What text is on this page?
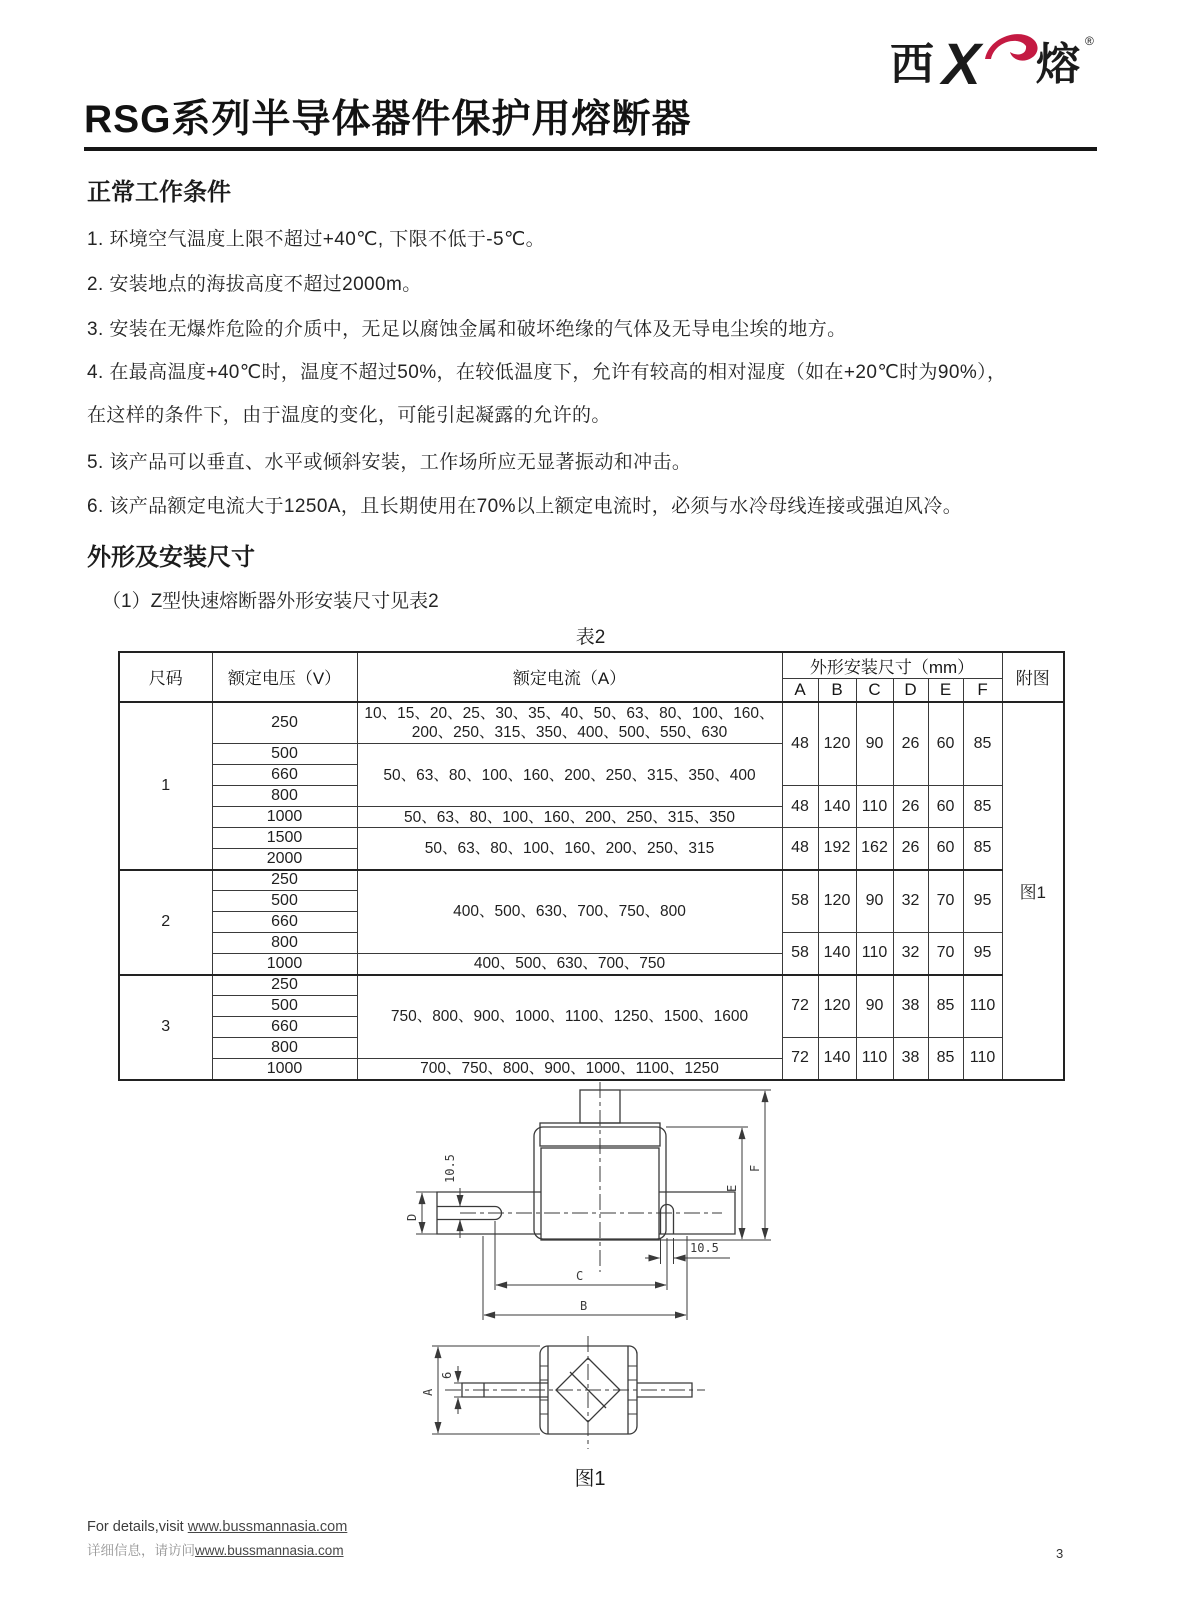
西 X 熔 ®
RSG系列半导体器件保护用熔断器
正常工作条件
1. 环境空气温度上限不超过+40℃, 下限不低于-5℃。
2. 安装地点的海拔高度不超过2000m。
3. 安装在无爆炸危险的介质中，无足以腐蚀金属和破坏绝缘的气体及无导电尘埃的地方。
4. 在最高温度+40℃时，温度不超过50%，在较低温度下，允许有较高的相对湿度（如在+20℃时为90%），
在这样的条件下，由于温度的变化，可能引起凝露的允许的。
5. 该产品可以垂直、水平或倾斜安装，工作场所应无显著振动和冲击。
6. 该产品额定电流大于1250A，且长期使用在70%以上额定电流时，必须与水冷母线连接或强迫风冷。
外形及安装尺寸
（1）Z型快速熔断器外形安装尺寸见表2
表2
尺码	额定电压（V）	额定电流（A）	外形安装尺寸（mm）						附图
			A	B	C	D	E	F	
1	250	10、15、20、25、30、35、40、50、63、80、100、160、200、250、315、350、400、500、550、630	48	120	90	26	60	85	图1
	500	50、63、80、100、160、200、250、315、350、400							
	660								
	800		48	140	110	26	60	85	
	1000	50、63、80、100、160、200、250、315、350							
	1500	50、63、80、100、160、200、250、315	48	192	162	26	60	85	
	2000								
2	250	400、500、630、700、750、800	58	120	90	32	70	95	
	500								
	660								
	800		58	140	110	32	70	95	
	1000	400、500、630、700、750							
3	250	750、800、900、1000、1100、1250、1500、1600	72	120	90	38	85	110	
	500								
	660								
	800		72	140	110	38	85	110	
	1000	700、750、800、900、1000、1100、1250							
D
10.5
E
F
10.5
C
B
A
6
图1
For details,visit www.bussmannasia.com
详细信息，请访问www.bussmannasia.com	3
